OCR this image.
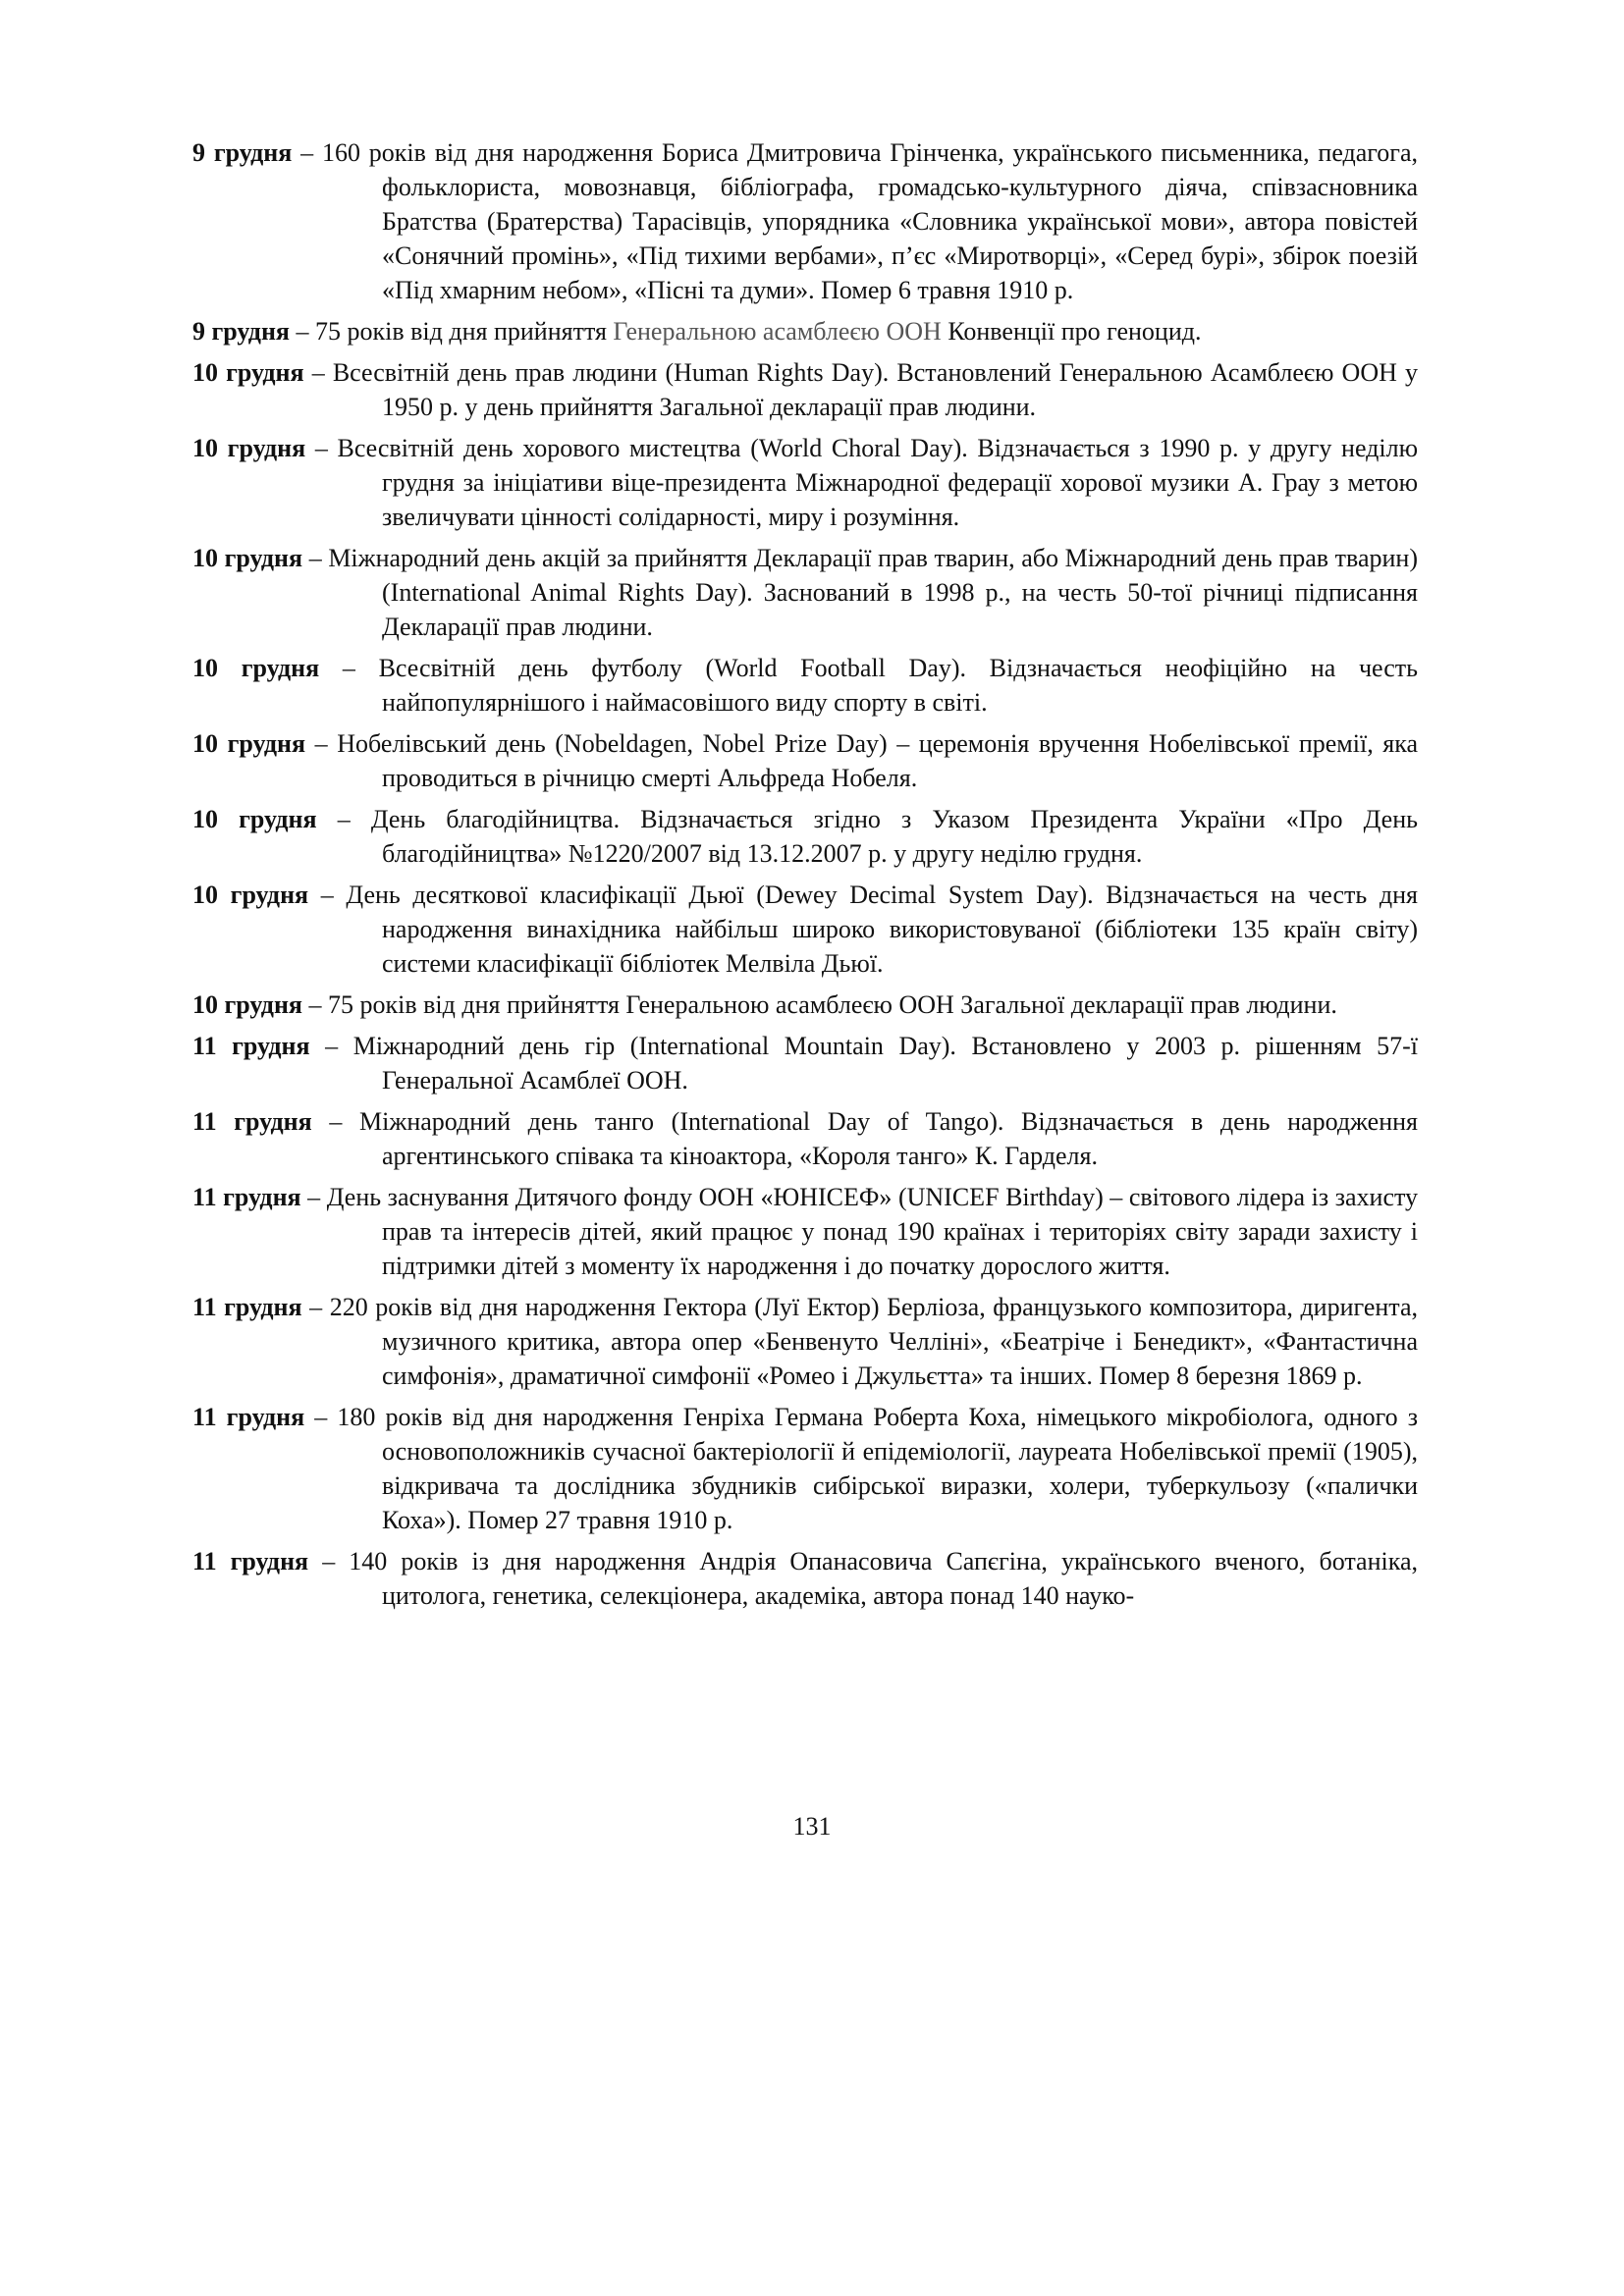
9 грудня – 160 років від дня народження Бориса Дмитровича Грінченка, українського письменника, педагога, фольклориста, мовознавця, бібліографа, громадсько-культурного діяча, співзасновника Братства (Братерства) Тарасівців, упорядника «Словника української мови», автора повістей «Сонячний промінь», «Під тихими вербами», п’єс «Миротворці», «Серед бурі», збірок поезій «Під хмарним небом», «Пісні та думи». Помер 6 травня 1910 р.

9 грудня – 75 років від дня прийняття Генеральною асамблеєю ООН Конвенції про геноцид.

10 грудня – Всесвітній день прав людини (Human Rights Day). Встановлений Генеральною Асамблеєю ООН у 1950 р. у день прийняття Загальної декларації прав людини.

10 грудня – Всесвітній день хорового мистецтва (World Choral Day). Відзначається з 1990 р. у другу неділю грудня за ініціативи віце-президента Міжнародної федерації хорової музики А. Грау з метою звеличувати цінності солідарності, миру і розуміння.

10 грудня – Міжнародний день акцій за прийняття Декларації прав тварин, або Міжнародний день прав тварин) (International Animal Rights Day). Заснований в 1998 р., на честь 50-тої річниці підписання Декларації прав людини.

10 грудня – Всесвітній день футболу (World Football Day). Відзначається неофіційно на честь найпопулярнішого і наймасовішого виду спорту в світі.

10 грудня – Нобелівський день (Nobeldagen, Nobel Prize Day) – церемонія вручення Нобелівської премії, яка проводиться в річницю смерті Альфреда Нобеля.

10 грудня – День благодійництва. Відзначається згідно з Указом Президента України «Про День благодійництва» №1220/2007 від 13.12.2007 р. у другу неділю грудня.

10 грудня – День десяткової класифікації Дьюї (Dewey Decimal System Day). Відзначається на честь дня народження винахідника найбільш широко використовуваної (бібліотеки 135 країн світу) системи класифікації бібліотек Мелвіла Дьюї.

10 грудня – 75 років від дня прийняття Генеральною асамблеєю ООН Загальної декларації прав людини.

11 грудня – Міжнародний день гір (International Mountain Day). Встановлено у 2003 р. рішенням 57-ї Генеральної Асамблеї ООН.

11 грудня – Міжнародний день танго (International Day of Tango). Відзначається в день народження аргентинського співака та кіноактора, «Короля танго» К. Гарделя.

11 грудня – День заснування Дитячого фонду ООН «ЮНІСЕФ» (UNICEF Birthday) – світового лідера із захисту прав та інтересів дітей, який працює у понад 190 країнах і територіях світу заради захисту і підтримки дітей з моменту їх народження і до початку дорослого життя.

11 грудня – 220 років від дня народження Гектора (Луї Ектор) Берліоза, французького композитора, диригента, музичного критика, автора опер «Бенвенуто Челліні», «Беатріче і Бенедикт», «Фантастична симфонія», драматичної симфонії «Ромео і Джульєтта» та інших. Помер 8 березня 1869 р.

11 грудня – 180 років від дня народження Генріха Германа Роберта Коха, німецького мікробіолога, одного з основоположників сучасної бактеріології й епідеміології, лауреата Нобелівської премії (1905), відкривача та дослідника збудників сибірської виразки, холери, туберкульозу («палички Коха»). Помер 27 травня 1910 р.

11 грудня – 140 років із дня народження Андрія Опанасовича Сапєгіна, українського вченого, ботаніка, цитолога, генетика, селекціонера, академіка, автора понад 140 науко-

131
